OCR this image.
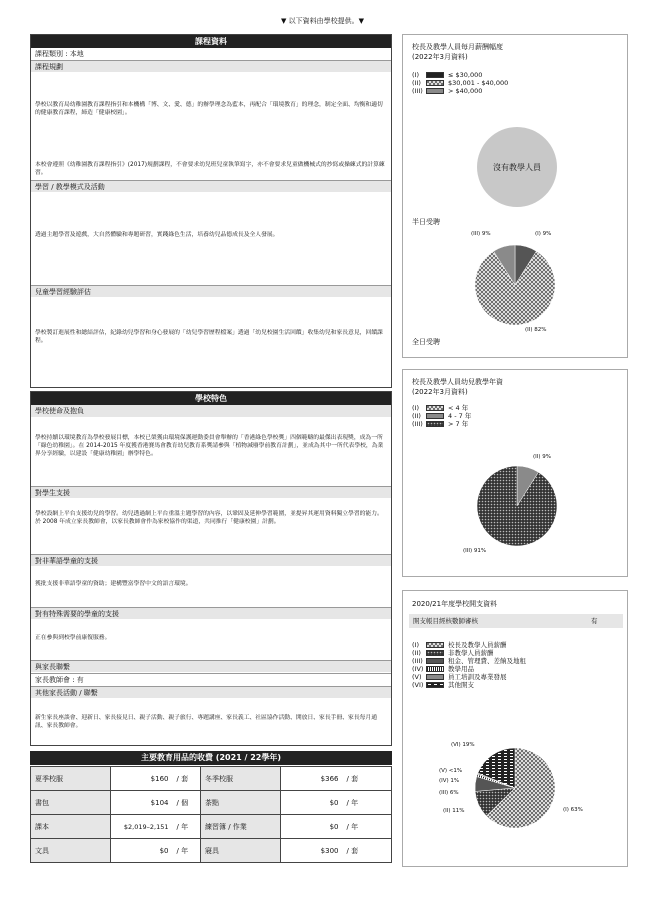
▼ 以下資料由學校提供。▼
課程資料
課程類別 : 本地
課程規劃
學校以教育局幼稚園教育課程指引和本機構「博、文、愛、德」的辦學理念為藍本，再配合「環境教育」的理念，制定全面、均衡和適切的健康教育課程，締造「健康校園」。
本校會遵照《幼稚園教育課程指引》(2017)規劃課程，不會要求幼兒班兒童執筆寫字，亦不會要求兒童做機械式的抄寫或操練式的計算練習。
學習 / 教學模式及活動
透過主題學習及遊戲，大自然體驗和專題研習，實踐綠色生活，培養幼兒品德成長及全人發展。
兒童學習經驗評估
學校製訂進展性和總結評估，紀錄幼兒學習和身心發展的「幼兒學習歷程檔案」透過「幼兒校園生活回饋」收集幼兒和家長意見，回饋課程。
學校特色
學校使命及抱負
學校持續以環境教育為學校發展目標，本校已榮獲由環境保護運動委員會舉辦的「香港綠色學校獎」四個範疇的最傑出表現獎，成為一所「綠色幼稚園」。在 2014-2015 年度獲香港賽馬會教育幼兒教育系獎請參與「植物減廢學前教育計劃」，並成為其中一所代表學校，為業界分享經驗，以建設「健康幼稚園」辦學特色。
對學生支援
學校設網上平台支援幼兒的學習。幼兒透過網上平台重溫主題學習的內容，以鞏固及延伸學習範圍，並提昇其運用資料獨立學習的能力。於 2008 年成立家長教師會，以家長教師會作為家校協作的渠道，共同推行「健康校園」計劃。
對非華語學童的支援
獲批支援非華語學童的資助；建構豐富學習中文的語言環境。
對有特殊需要的學童的支援
正在參與到校學前康復服務。
與家長聯繫
家長教師會 : 有
其他家長活動 / 聯繫
新生家長座談會、迎新日、家長接見日、親子活動、親子旅行、專題講座、家長義工、社區協作活動、開放日、家長手冊、家長每月通訊、家長教師會。
主要教育用品的收費 (2021 / 22學年)
夏季校服	$160	/ 套	冬季校服	$366	/ 套
書包	$104	/ 個	茶點	$0	/ 年
課本	$2,019–2,151	/ 年	練習簿 / 作業	$0	/ 年
文具	$0	/ 年	寢具	$300	/ 套
校長及教學人員每月薪酬幅度
(2022年3月資料)
(I)	≤ $30,000
(II)	$30,001 - $40,000
(III)	> $40,000
沒有教學人員
半日受聘
(III) 9%	(I) 9%
(II) 82%
全日受聘
校長及教學人員幼兒教學年資
(2022年3月資料)
(I)	< 4 年
(II)	4 - 7 年
(III)	> 7 年
(II) 9%
(III) 91%
2020/21年度學校開支資料
開支帳目經核數師審核	有
(I)	校長及教學人員薪酬
(II)	非教學人員薪酬
(III)	租金、管理費、差餉及地租
(IV)	教學用品
(V)	員工培訓及專業發展
(VI)	其他開支
(VI) 19%
(V) <1%
(IV) 1%
(III) 6%
(II) 11%	(I) 63%
